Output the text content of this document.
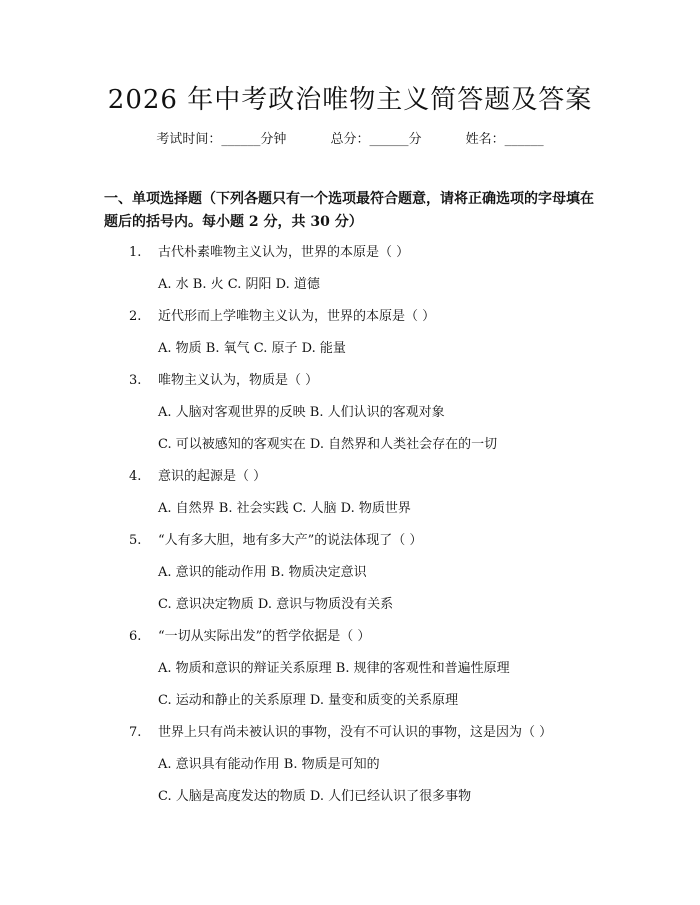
2026 年中考政治唯物主义简答题及答案
考试时间：______分钟	总分：______分	姓名：______
一、单项选择题（下列各题只有一个选项最符合题意，请将正确选项的字母填在题后的括号内。每小题 2 分，共 30 分）
1. 古代朴素唯物主义认为，世界的本原是（ ）
A. 水 B. 火 C. 阴阳 D. 道德
2. 近代形而上学唯物主义认为，世界的本原是（ ）
A. 物质 B. 氧气 C. 原子 D. 能量
3. 唯物主义认为，物质是（ ）
A. 人脑对客观世界的反映 B. 人们认识的客观对象
C. 可以被感知的客观实在 D. 自然界和人类社会存在的一切
4. 意识的起源是（ ）
A. 自然界 B. 社会实践 C. 人脑 D. 物质世界
5. “人有多大胆，地有多大产”的说法体现了（ ）
A. 意识的能动作用 B. 物质决定意识
C. 意识决定物质 D. 意识与物质没有关系
6. “一切从实际出发”的哲学依据是（ ）
A. 物质和意识的辩证关系原理 B. 规律的客观性和普遍性原理
C. 运动和静止的关系原理 D. 量变和质变的关系原理
7. 世界上只有尚未被认识的事物，没有不可认识的事物，这是因为（ ）
A. 意识具有能动作用 B. 物质是可知的
C. 人脑是高度发达的物质 D. 人们已经认识了很多事物
